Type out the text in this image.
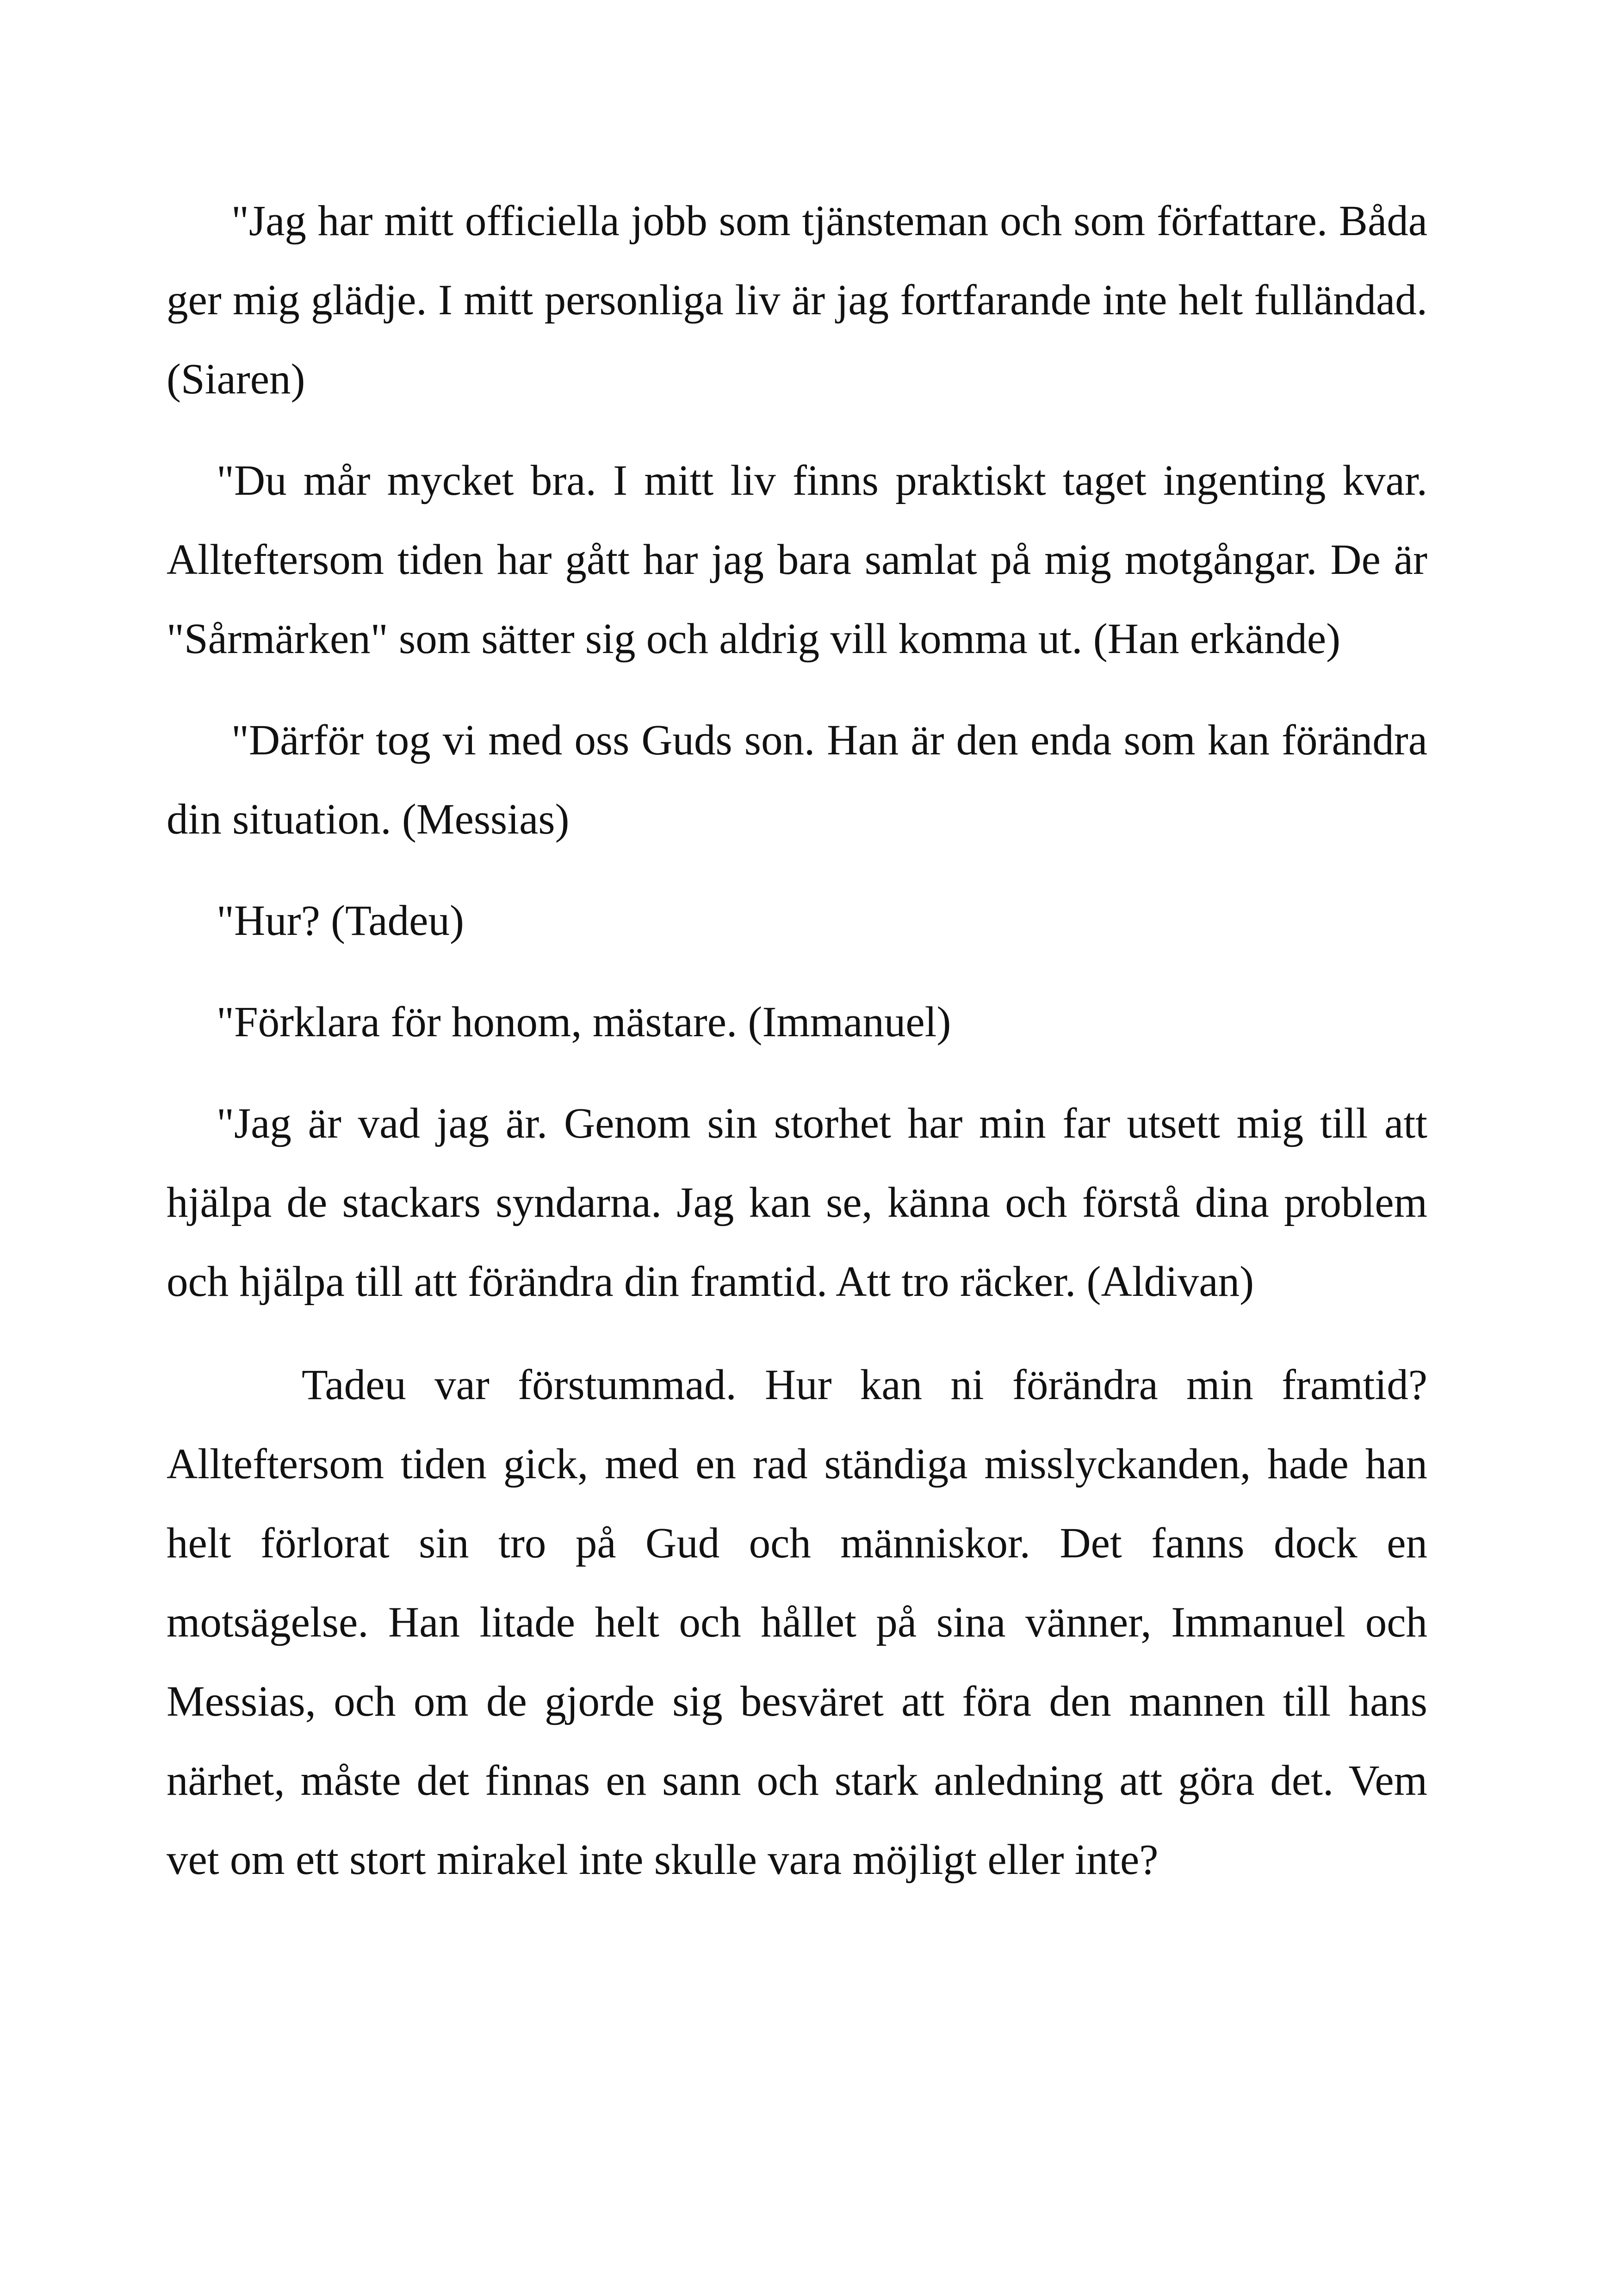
"Jag har mitt officiella jobb som tjänsteman och som författare. Båda ger mig glädje. I mitt personliga liv är jag fortfarande inte helt fulländad. (Siaren)

"Du mår mycket bra. I mitt liv finns praktiskt taget ingenting kvar. Allteftersom tiden har gått har jag bara samlat på mig motgångar. De är "Sårmärken" som sätter sig och aldrig vill komma ut. (Han erkände)

"Därför tog vi med oss Guds son. Han är den enda som kan förändra din situation. (Messias)

"Hur? (Tadeu)

"Förklara för honom, mästare. (Immanuel)

"Jag är vad jag är. Genom sin storhet har min far utsett mig till att hjälpa de stackars syndarna. Jag kan se, känna och förstå dina problem och hjälpa till att förändra din framtid. Att tro räcker. (Aldivan)

Tadeu var förstummad. Hur kan ni förändra min framtid? Allteftersom tiden gick, med en rad ständiga misslyckanden, hade han helt förlorat sin tro på Gud och människor. Det fanns dock en motsägelse. Han litade helt och hållet på sina vänner, Immanuel och Messias, och om de gjorde sig besväret att föra den mannen till hans närhet, måste det finnas en sann och stark anledning att göra det. Vem vet om ett stort mirakel inte skulle vara möjligt eller inte?
